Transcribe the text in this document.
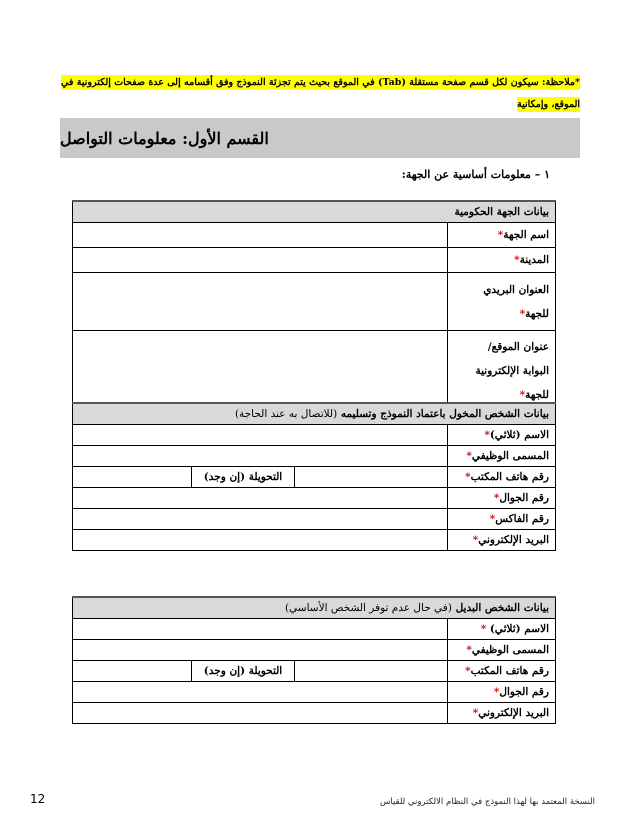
*ملاحظة: سيكون لكل قسم صفحة مستقلة (Tab) في الموقع بحيث يتم تجزئة النموذج وفق أقسامه إلى عدة صفحات إلكترونية في الموقع، وإمكانية
القسم الأول: معلومات التواصل
١ – معلومات أساسية عن الجهة:
بيانات الجهة الحكومية	

اسم الجهة*	

المدينة*	

العنوان البريدي
للجهة*	

عنوان الموقع/
البوابة الإلكترونية
للجهة*	

بيانات الشخص المخول باعتماد النموذج وتسليمه (للاتصال به عند الحاجة)			
الاسم (ثلاثي)*			
المسمى الوظيفي*			
رقم هاتف المكتب*		التحويلة (إن وجد)	
رقم الجوال*			
رقم الفاكس*			
البريد الإلكتروني*			
بيانات الشخص البديل (في حال عدم توفر الشخص الأساسي)			
الاسم (ثلاثي) *			
المسمى الوظيفي*			
رقم هاتف المكتب*		التحويلة (إن وجد)	
رقم الجوال*			
البريد الإلكتروني*			
النسخة المعتمد بها لهذا النموذج في النظام الالكتروني للقياس
12
